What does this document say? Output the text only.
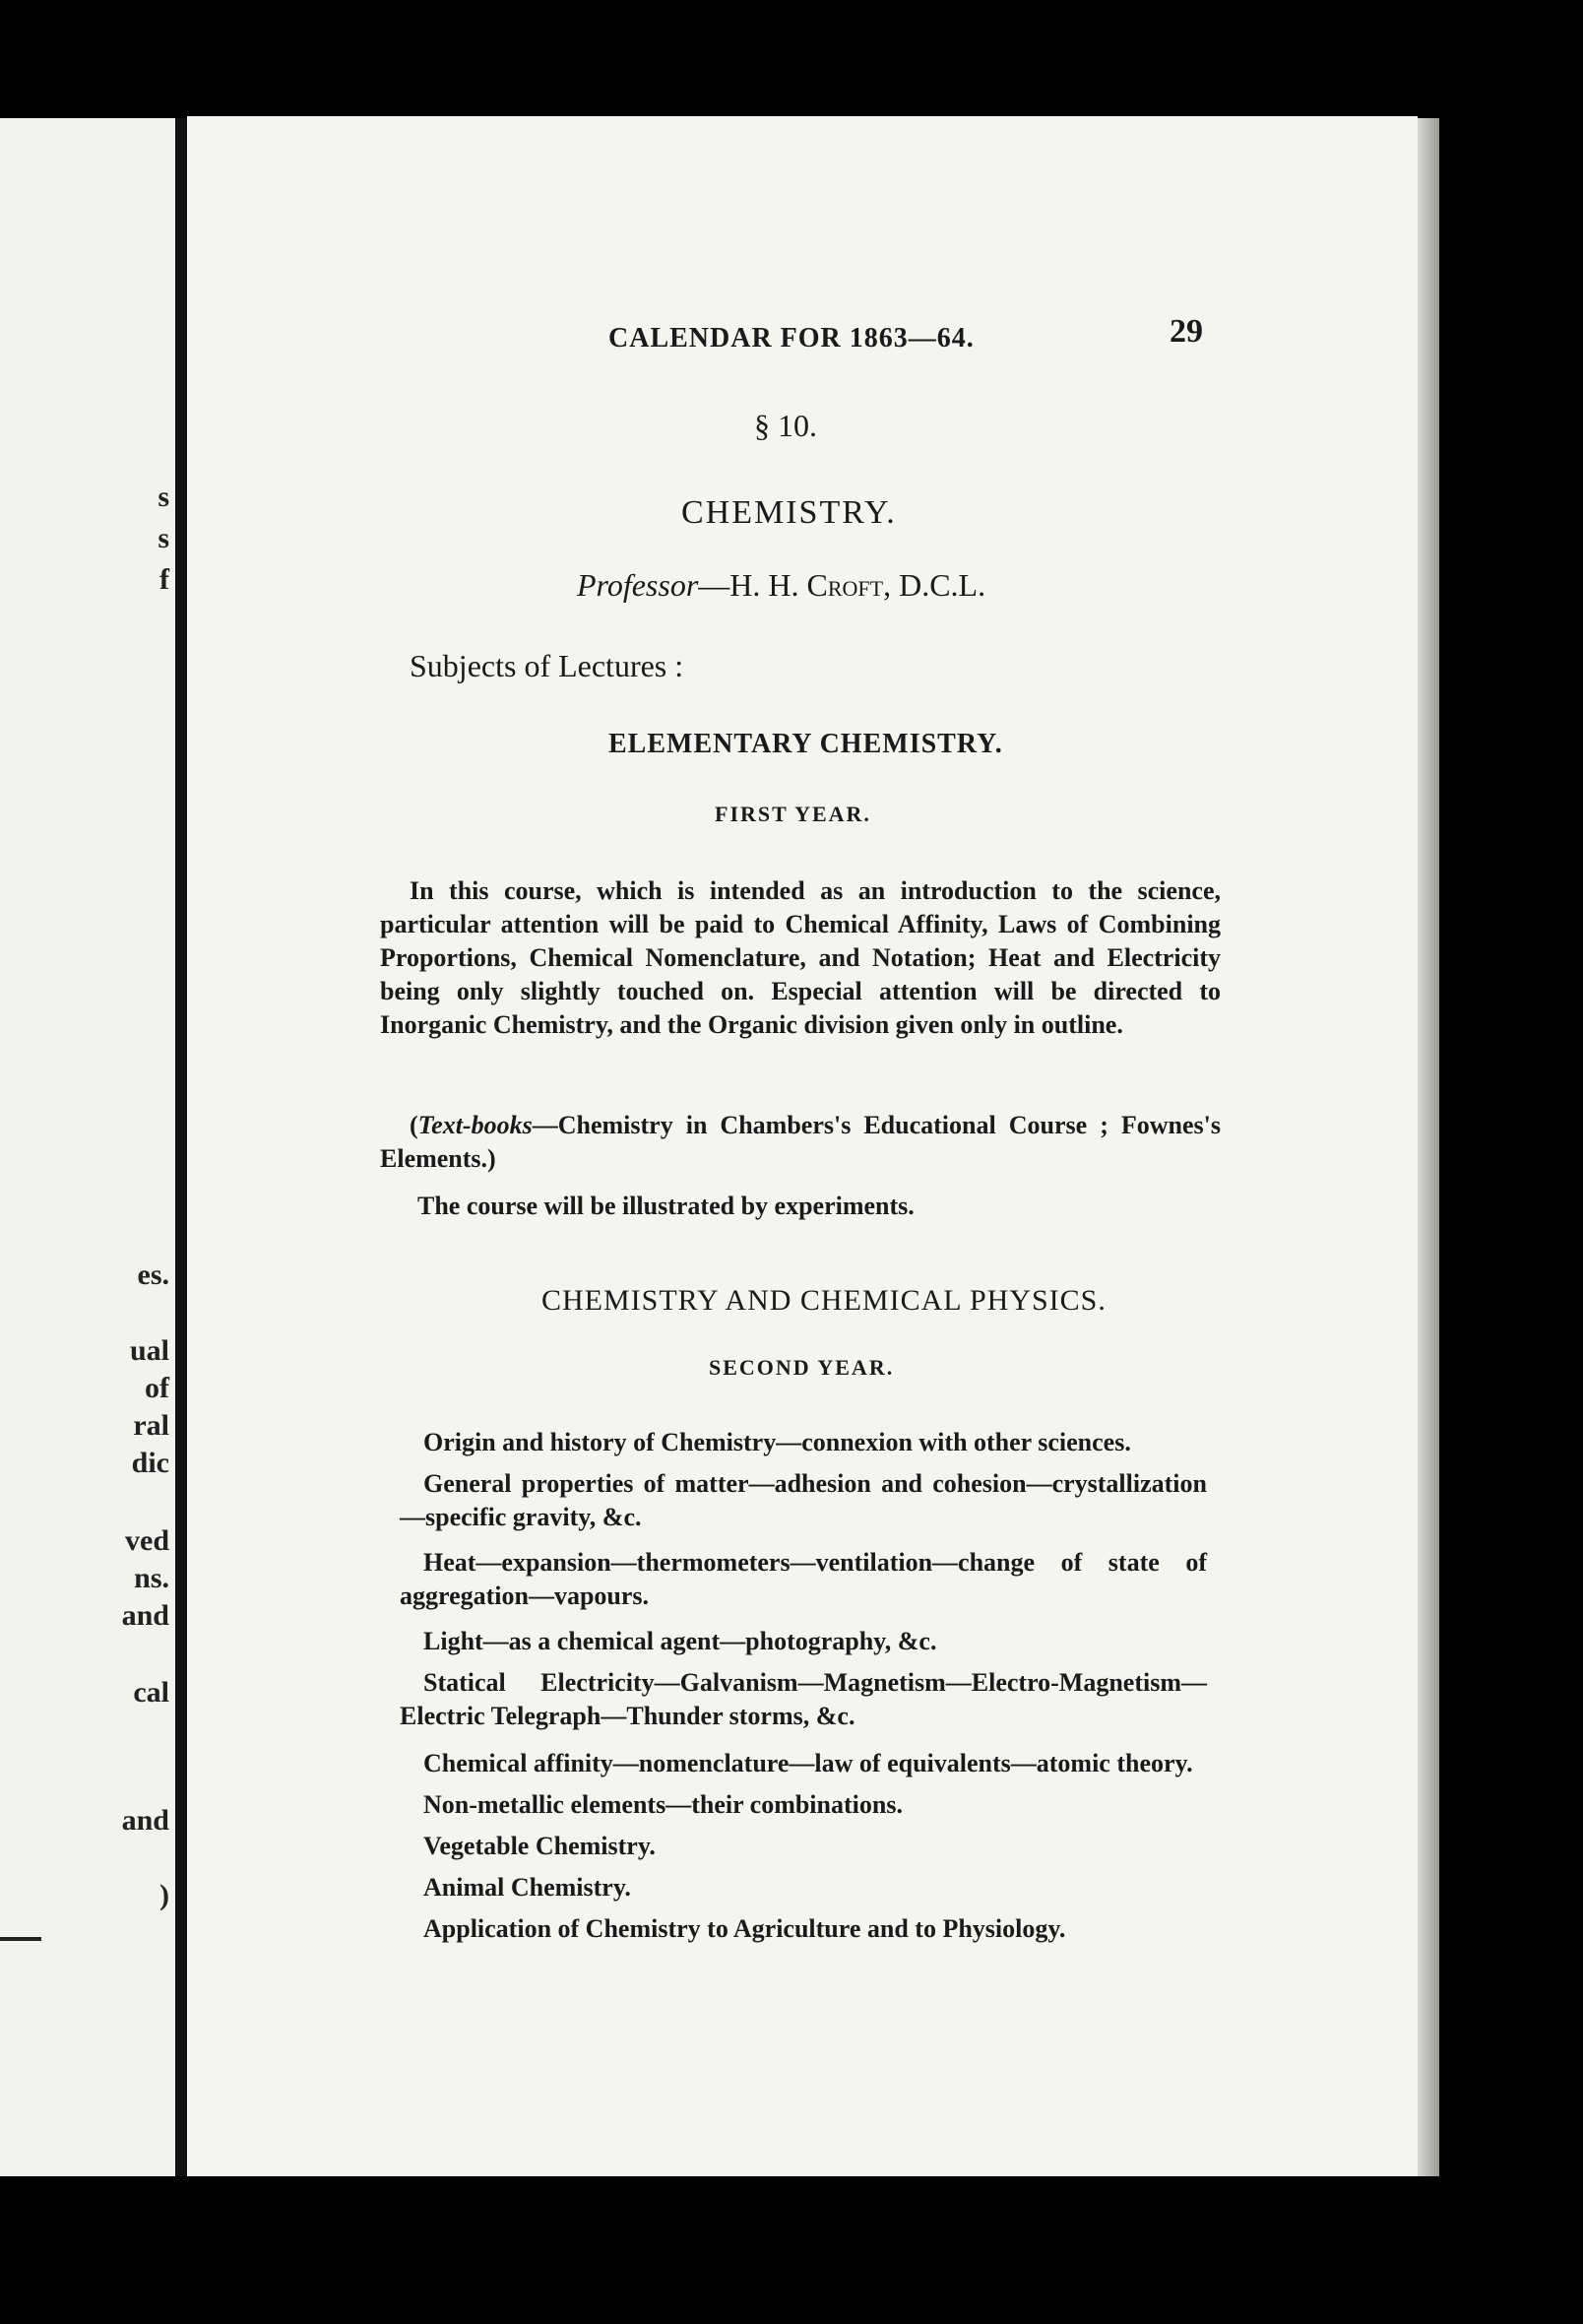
s
s
f
es.
ual
of
ral
dic
ved
ns.
and
cal
and
)
CALENDAR FOR 1863—64.	29
§ 10.
CHEMISTRY.
Professor—H. H. Croft, D.C.L.
Subjects of Lectures :
ELEMENTARY CHEMISTRY.
FIRST YEAR.
In this course, which is intended as an introduction to the science, particular attention will be paid to Chemical Affinity, Laws of Combining Proportions, Chemical Nomenclature, and Notation; Heat and Electricity being only slightly touched on. Especial attention will be directed to Inorganic Chemistry, and the Organic division given only in outline.
(Text-books—Chemistry in Chambers's Educational Course ; Fownes's Elements.)
The course will be illustrated by experiments.
CHEMISTRY AND CHEMICAL PHYSICS.
SECOND YEAR.
Origin and history of Chemistry—connexion with other sciences.
General properties of matter—adhesion and cohesion—crystallization—specific gravity, &c.
Heat—expansion—thermometers—ventilation—change of state of aggregation—vapours.
Light—as a chemical agent—photography, &c.
Statical Electricity—Galvanism—Magnetism—Electro-Magnetism—Electric Telegraph—Thunder storms, &c.
Chemical affinity—nomenclature—law of equivalents—atomic theory.
Non-metallic elements—their combinations.
Vegetable Chemistry.
Animal Chemistry.
Application of Chemistry to Agriculture and to Physiology.
